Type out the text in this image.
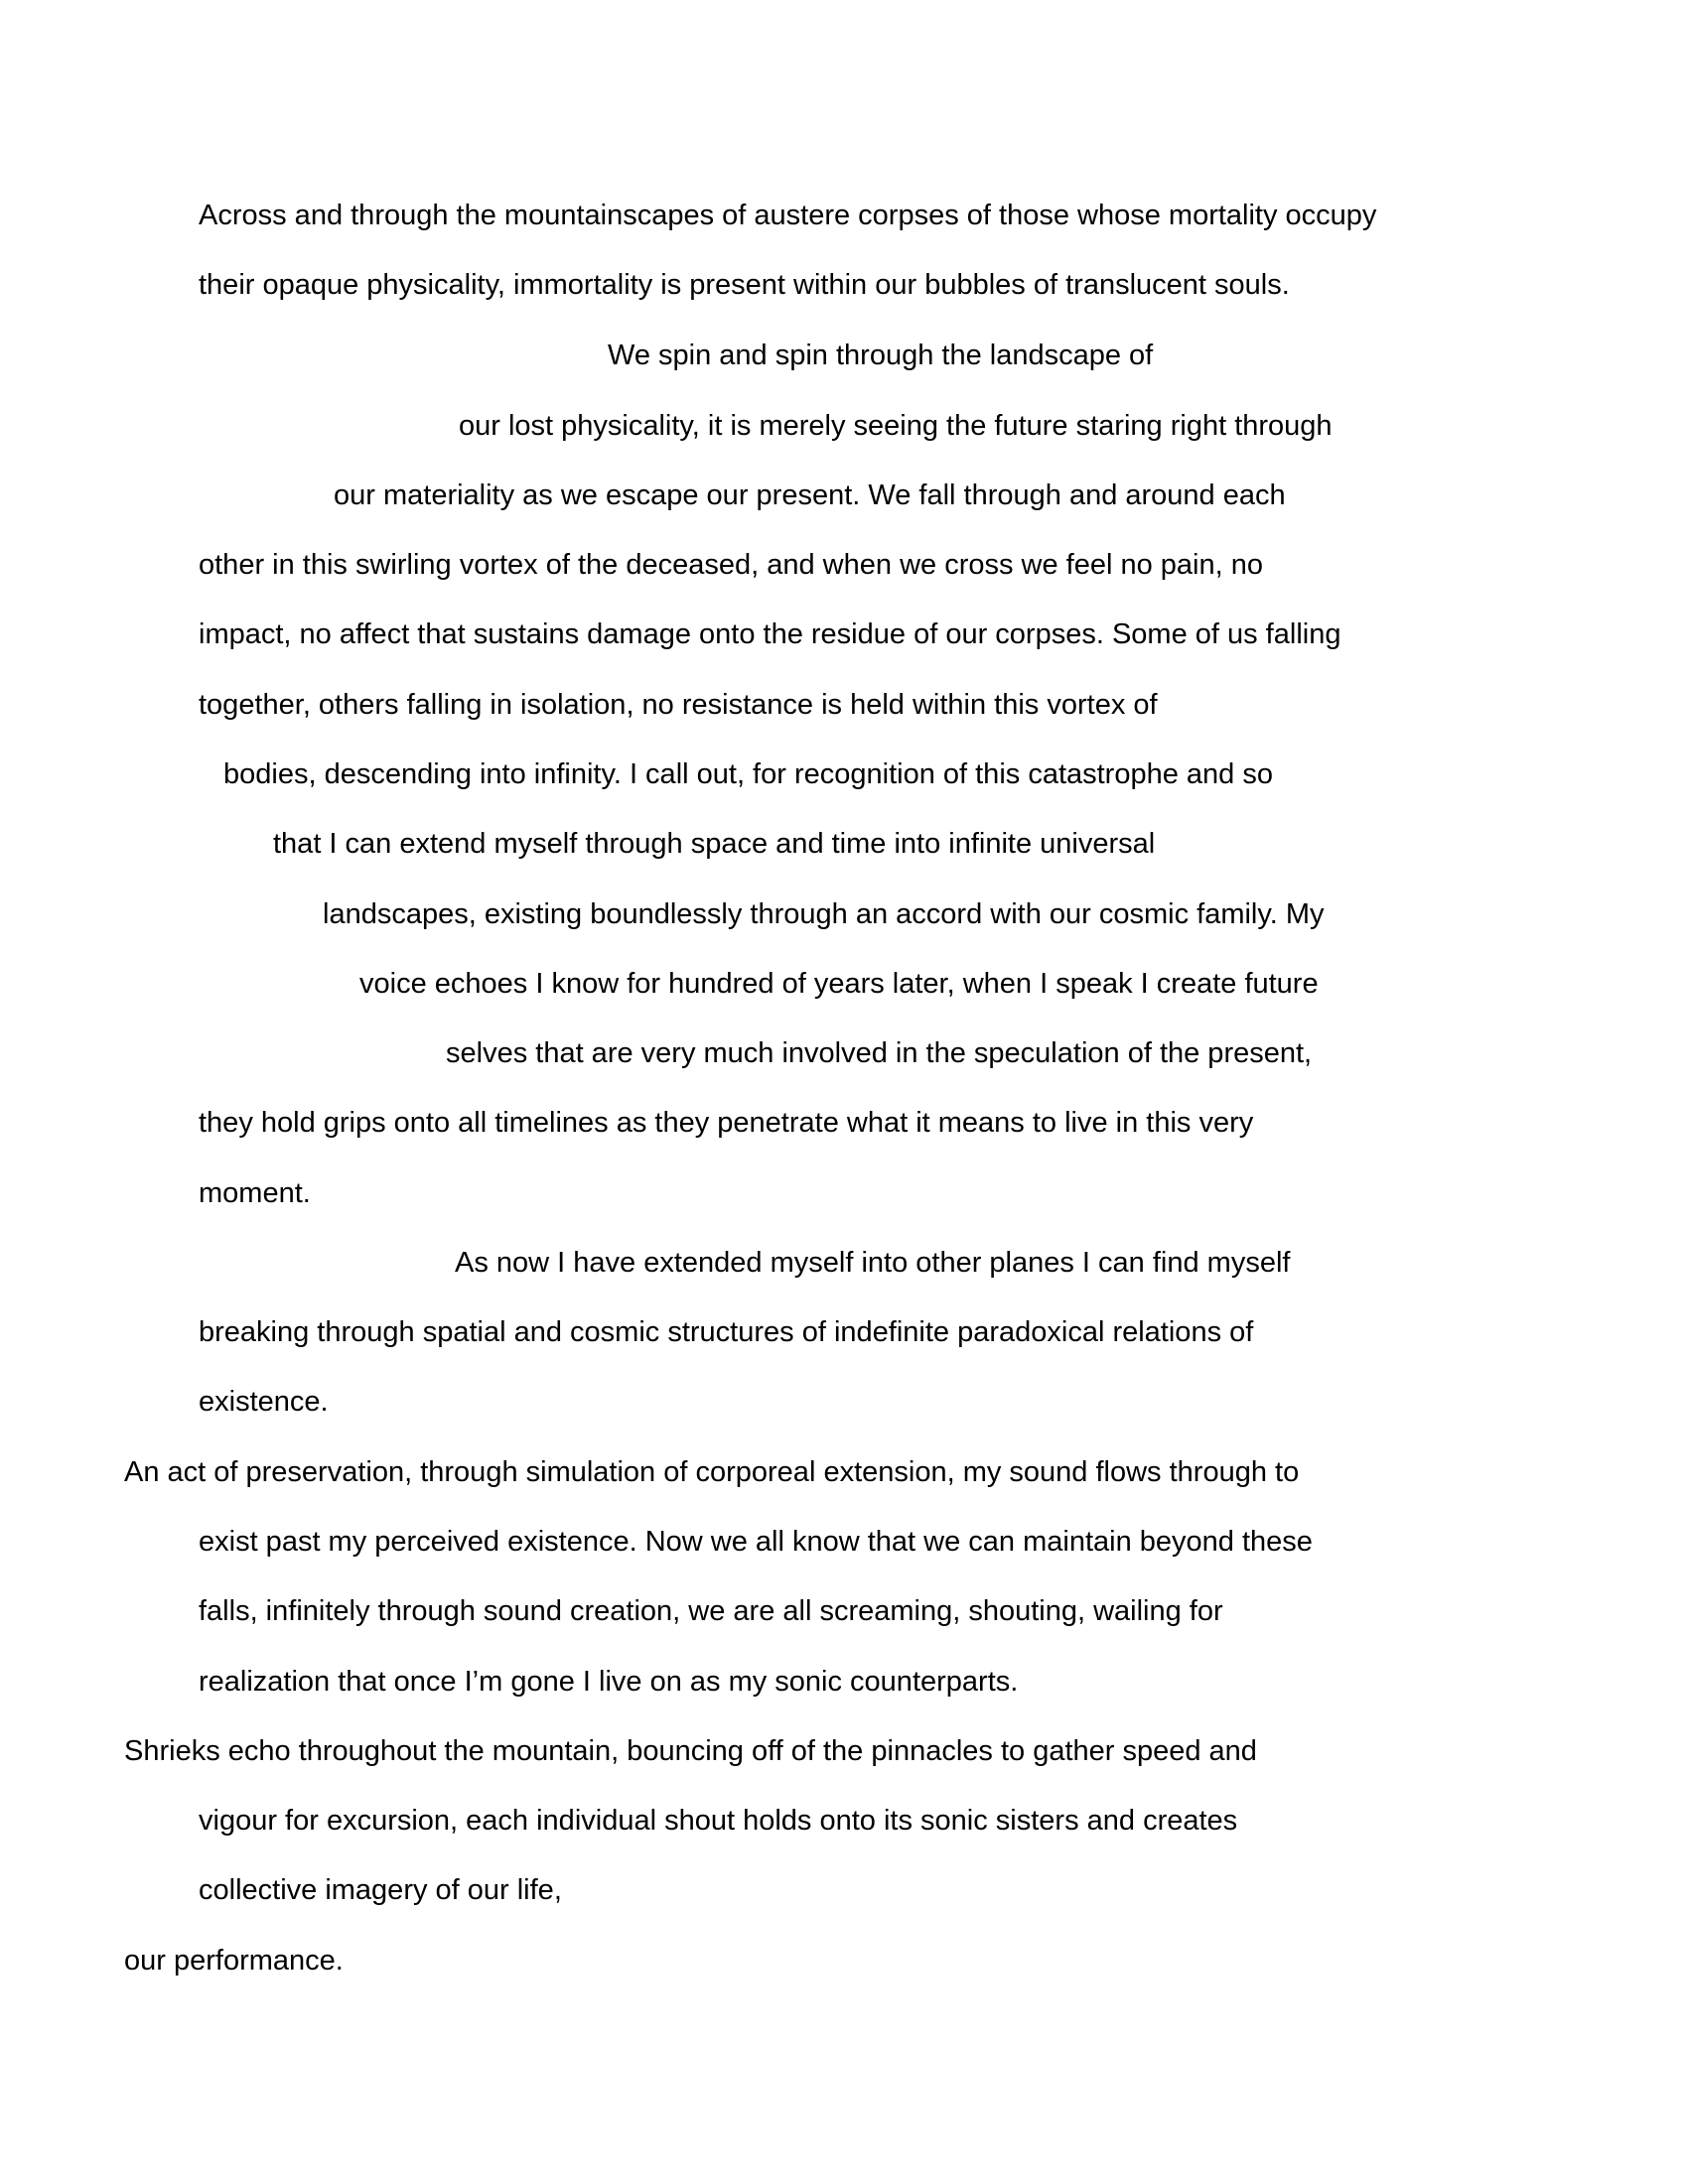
Across and through the mountainscapes of austere corpses of those whose mortality occupy

their opaque physicality, immortality is present within our bubbles of translucent souls.

We spin and spin through the landscape of

our lost physicality, it is merely seeing the future staring right through

our materiality as we escape our present. We fall through and around each

other in this swirling vortex of the deceased, and when we cross we feel no pain, no

impact, no affect that sustains damage onto the residue of our corpses. Some of us falling

together, others falling in isolation, no resistance is held within this vortex of

bodies, descending into infinity. I call out, for recognition of this catastrophe and so

that I can extend myself through space and time into infinite universal

landscapes, existing boundlessly through an accord with our cosmic family. My

voice echoes I know for hundred of years later, when I speak I create future

selves that are very much involved in the speculation of the present,

they hold grips onto all timelines as they penetrate what it means to live in this very

moment.

As now I have extended myself into other planes I can find myself

breaking through spatial and cosmic structures of indefinite paradoxical relations of

existence.

An act of preservation, through simulation of corporeal extension, my sound flows through to

exist past my perceived existence. Now we all know that we can maintain beyond these

falls, infinitely through sound creation, we are all screaming, shouting, wailing for

realization that once I’m gone I live on as my sonic counterparts.

Shrieks echo throughout the mountain, bouncing off of the pinnacles to gather speed and

vigour for excursion, each individual shout holds onto its sonic sisters and creates

collective imagery of our life,

our performance.
